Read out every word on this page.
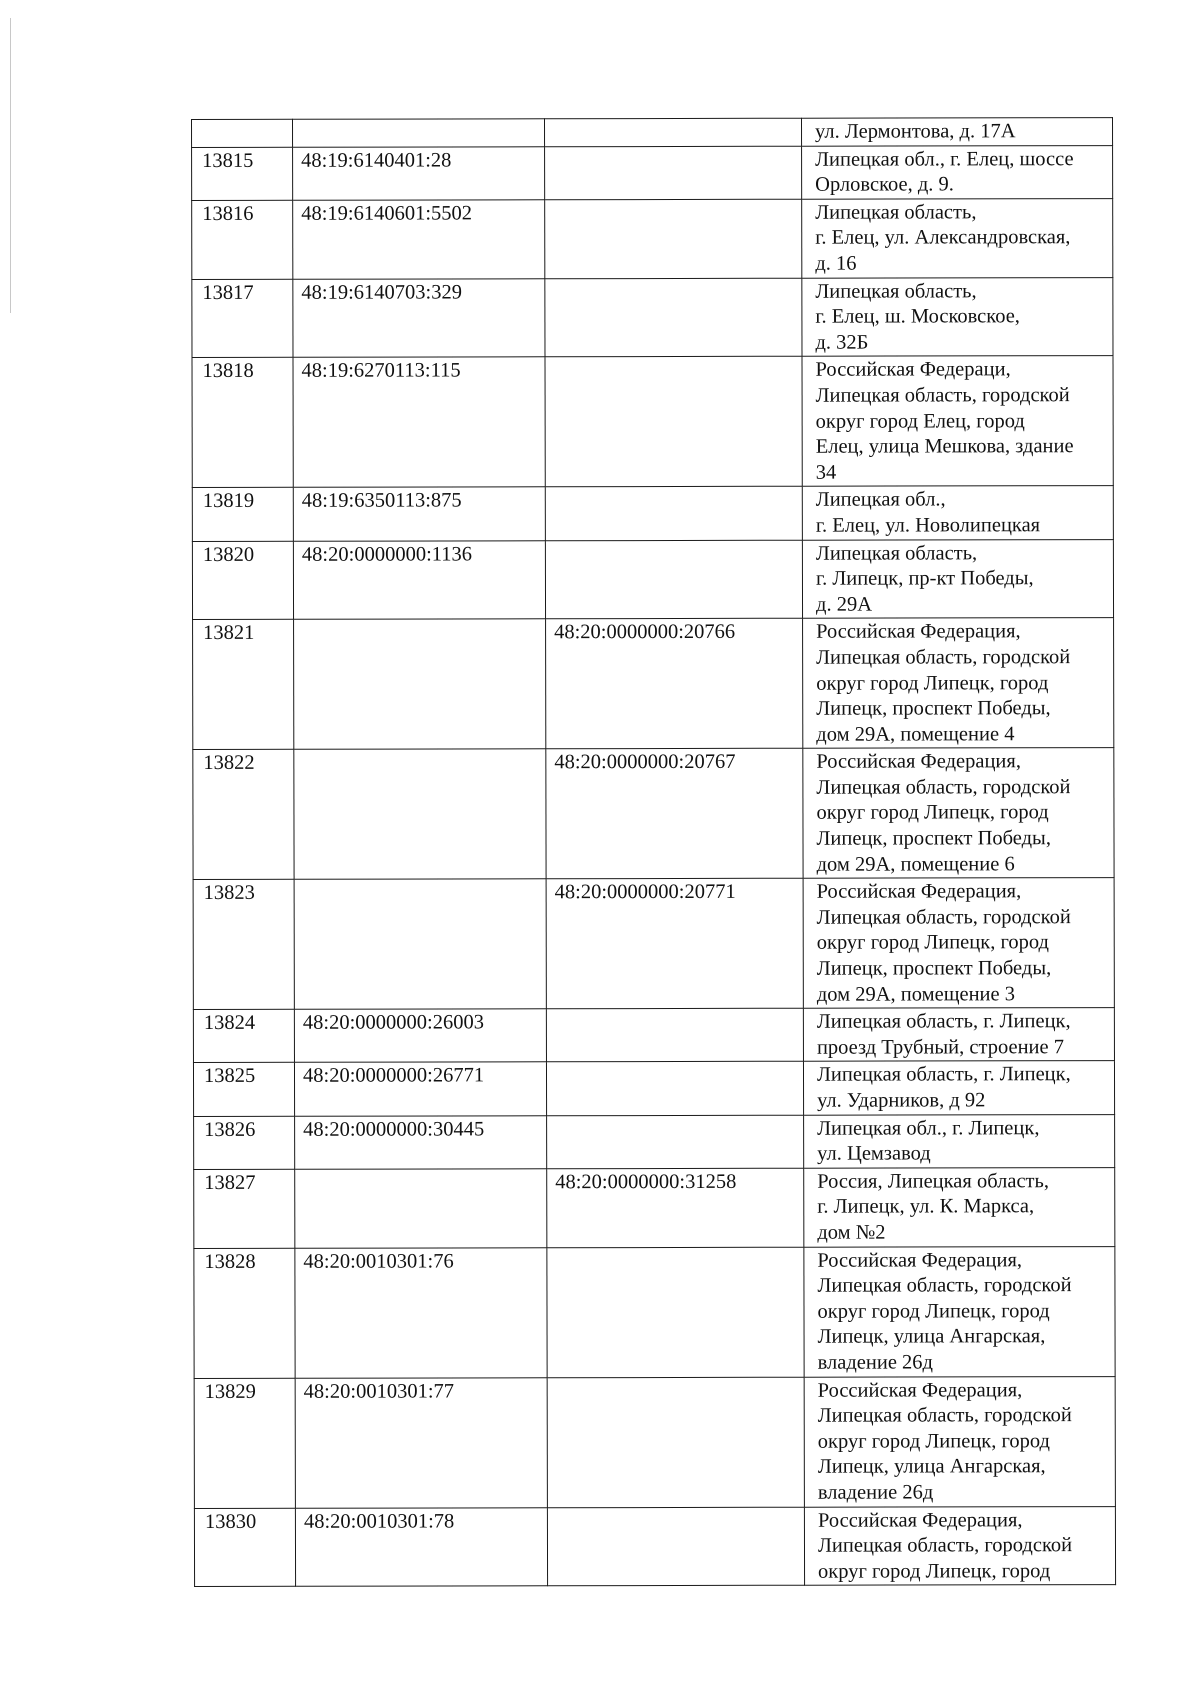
			ул. Лермонтова, д. 17А
13815	48:19:6140401:28		Липецкая обл., г. Елец, шоссе
Орловское, д. 9.
13816	48:19:6140601:5502		Липецкая область,
г. Елец, ул. Александровская,
д. 16
13817	48:19:6140703:329		Липецкая область,
г. Елец, ш. Московское,
д. 32Б
13818	48:19:6270113:115		Российская Федераци,
Липецкая область, городской
округ город Елец, город
Елец, улица Мешкова, здание
34
13819	48:19:6350113:875		Липецкая обл.,
г. Елец, ул. Новолипецкая
13820	48:20:0000000:1136		Липецкая область,
г. Липецк, пр-кт Победы,
д. 29А
13821		48:20:0000000:20766	Российская Федерация,
Липецкая область, городской
округ город Липецк, город
Липецк, проспект Победы,
дом 29А, помещение 4
13822		48:20:0000000:20767	Российская Федерация,
Липецкая область, городской
округ город Липецк, город
Липецк, проспект Победы,
дом 29А, помещение 6
13823		48:20:0000000:20771	Российская Федерация,
Липецкая область, городской
округ город Липецк, город
Липецк, проспект Победы,
дом 29А, помещение 3
13824	48:20:0000000:26003		Липецкая область, г. Липецк,
проезд Трубный, строение 7
13825	48:20:0000000:26771		Липецкая область, г. Липецк,
ул. Ударников, д 92
13826	48:20:0000000:30445		Липецкая обл., г. Липецк,
ул. Цемзавод
13827		48:20:0000000:31258	Россия, Липецкая область,
г. Липецк, ул. К. Маркса,
дом №2
13828	48:20:0010301:76		Российская Федерация,
Липецкая область, городской
округ город Липецк, город
Липецк, улица Ангарская,
владение 26д
13829	48:20:0010301:77		Российская Федерация,
Липецкая область, городской
округ город Липецк, город
Липецк, улица Ангарская,
владение 26д
13830	48:20:0010301:78		Российская Федерация,
Липецкая область, городской
округ город Липецк, город
